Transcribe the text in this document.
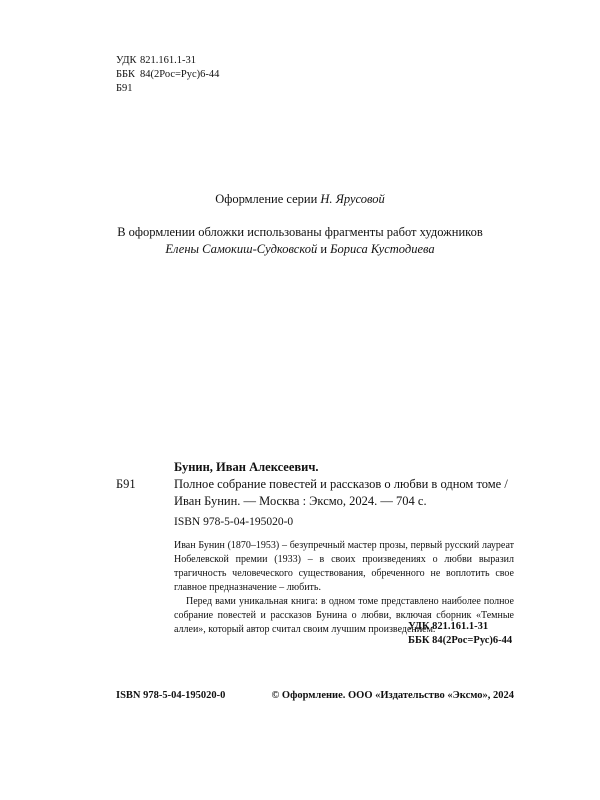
УДК 821.161.1-31
ББК 84(2Рос=Рус)6-44
Б91
Оформление серии Н. Ярусовой
В оформлении обложки использованы фрагменты работ художников
Елены Самокиш-Судковской и Бориса Кустодиева
Бунин, Иван Алексеевич.
Б91	Полное собрание повестей и рассказов о любви в одном томе /
Иван Бунин. — Москва : Эксмо, 2024. — 704 с.
ISBN 978-5-04-195020-0

Иван Бунин (1870–1953) – безупречный мастер прозы, первый русский лауреат Нобелевской премии (1933) – в своих произведениях о любви выразил трагичность человеческого существования, обреченного не воплотить свое главное предназначение – любить.

Перед вами уникальная книга: в одном томе представлено наиболее полное собрание повестей и рассказов Бунина о любви, включая сборник «Темные аллеи», который автор считал своим лучшим произведением.

УДК 821.161.1-31
ББК 84(2Рос=Рус)6-44
ISBN 978-5-04-195020-0	© Оформление. ООО «Издательство «Эксмо», 2024
